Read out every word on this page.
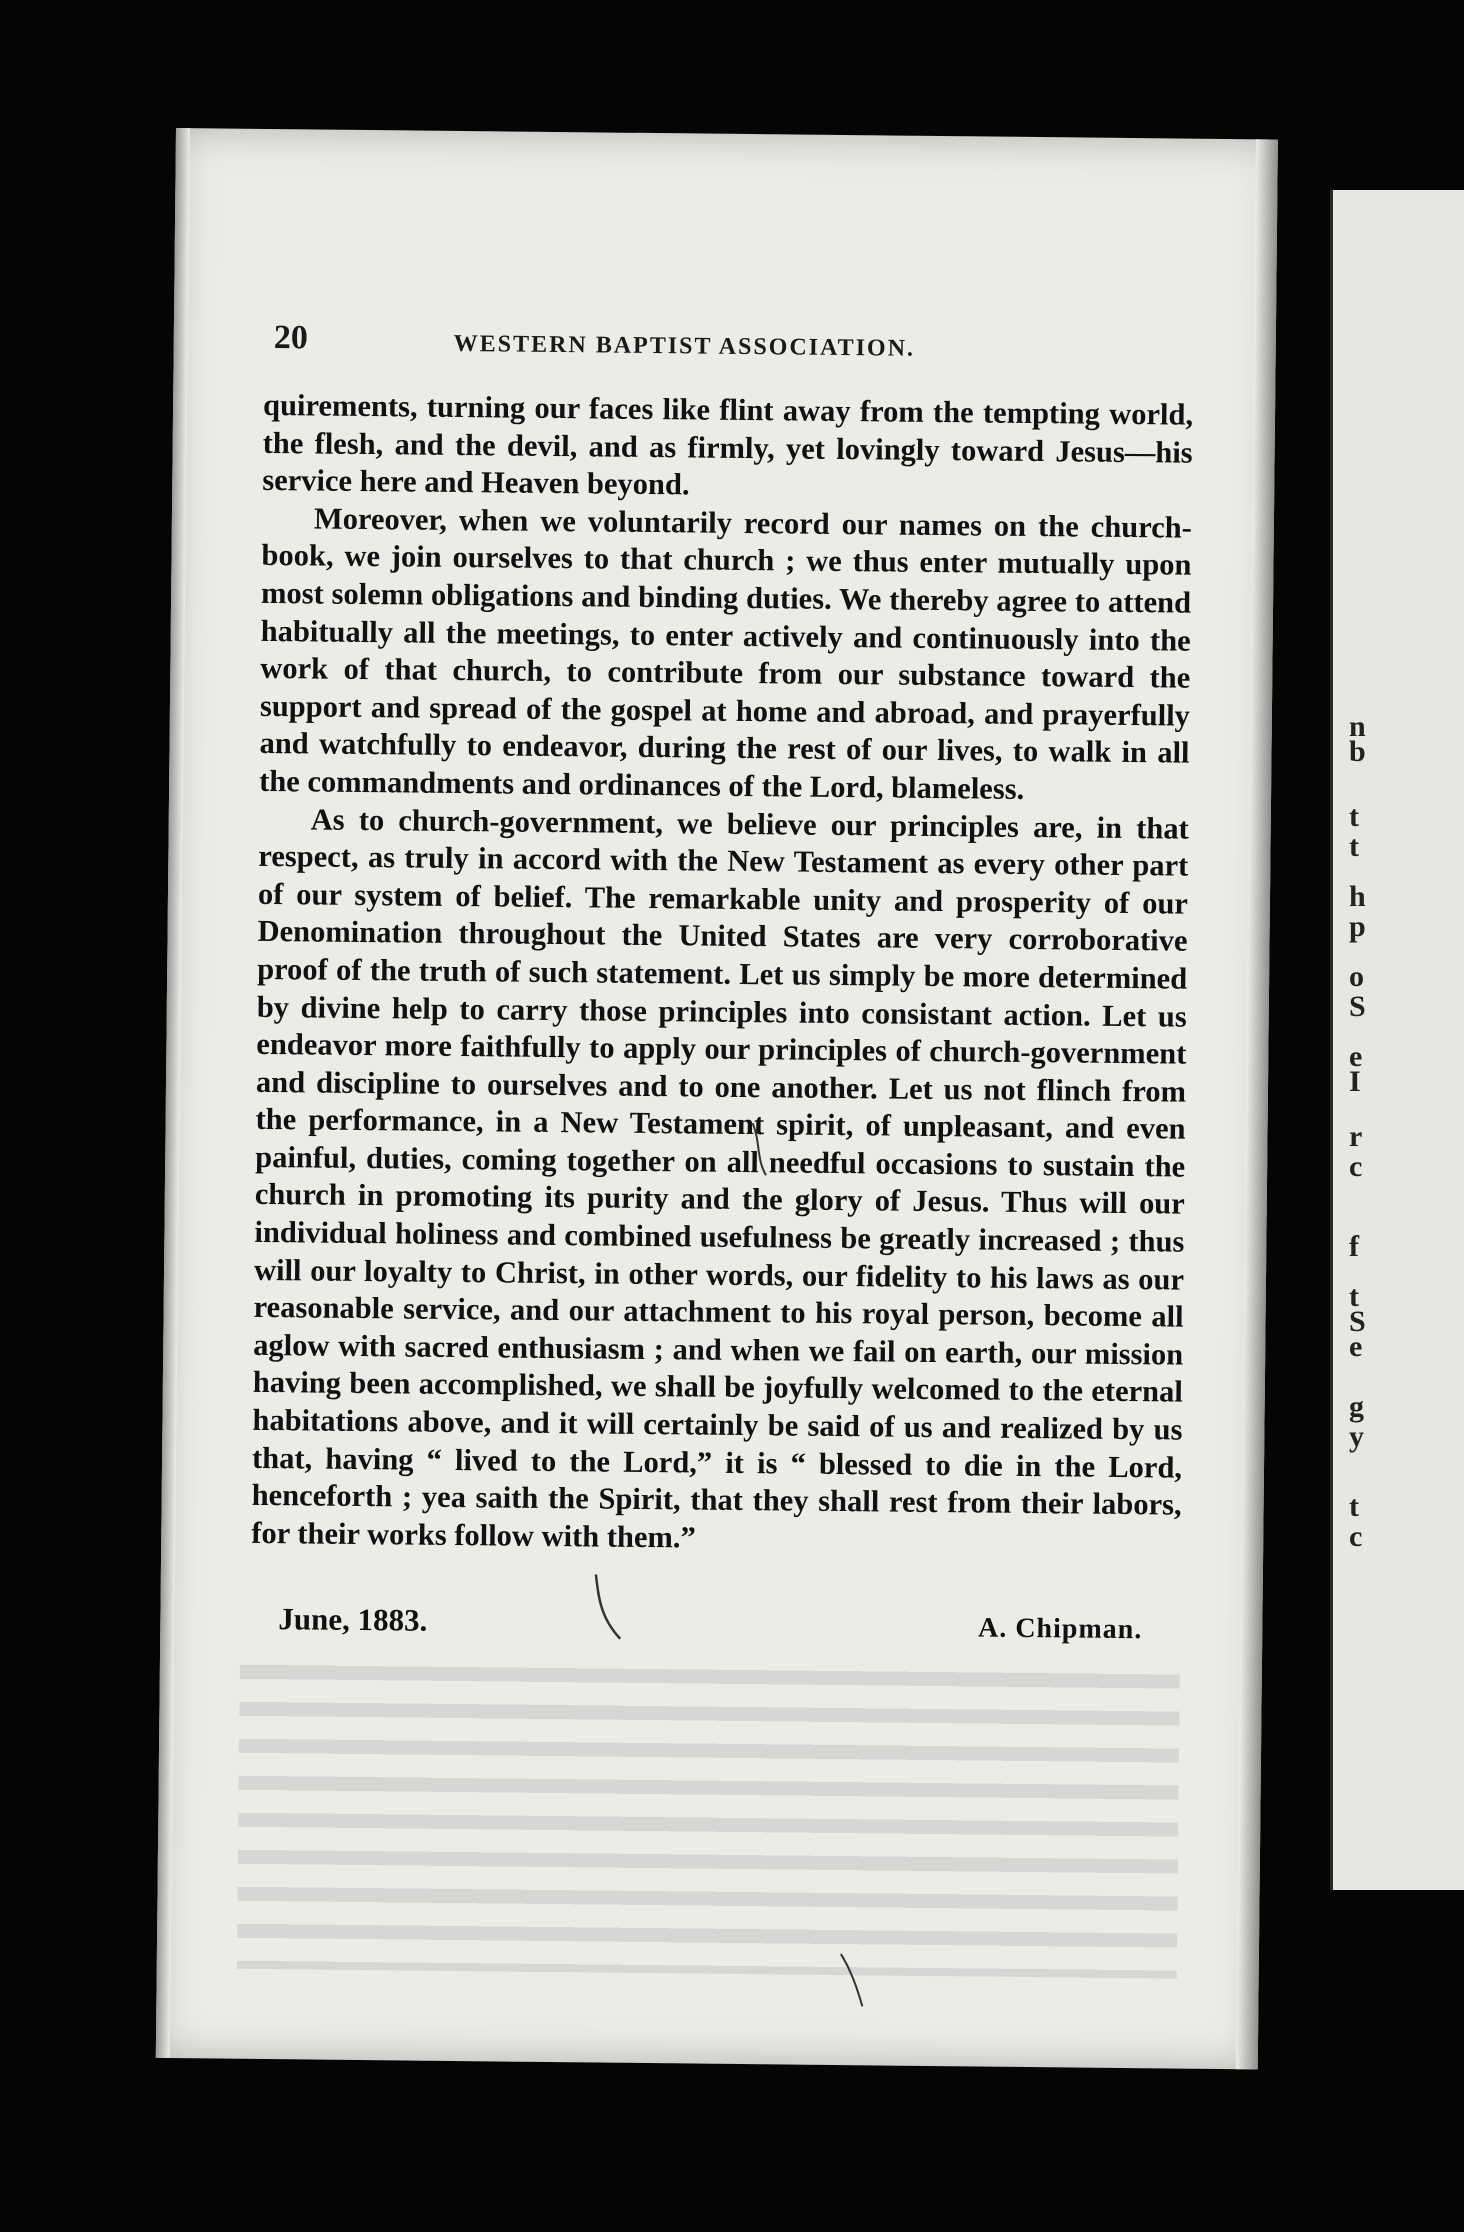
n
b
t
t
h
p
o
S
e
I
r
c
f
t
S
e
g
y
t
c
20	WESTERN BAPTIST ASSOCIATION.

quirements, turning our faces like flint away from the tempting world, the flesh, and the devil, and as firmly, yet lovingly toward Jesus—his service here and Heaven beyond.

Moreover, when we voluntarily record our names on the church-book, we join ourselves to that church ; we thus enter mutually upon most solemn obligations and binding duties. We thereby agree to attend habitually all the meetings, to enter actively and continuously into the work of that church, to contribute from our substance toward the support and spread of the gospel at home and abroad, and prayerfully and watchfully to endeavor, during the rest of our lives, to walk in all the commandments and ordinances of the Lord, blameless.

As to church-government, we believe our principles are, in that respect, as truly in accord with the New Testament as every other part of our system of belief. The remarkable unity and prosperity of our Denomination throughout the United States are very corroborative proof of the truth of such statement. Let us simply be more determined by divine help to carry those principles into consistant action. Let us endeavor more faithfully to apply our principles of church-government and discipline to ourselves and to one another. Let us not flinch from the performance, in a New Testament spirit, of unpleasant, and even painful, duties, coming together on all needful occasions to sustain the church in promoting its purity and the glory of Jesus. Thus will our individual holiness and combined usefulness be greatly increased ; thus will our loyalty to Christ, in other words, our fidelity to his laws as our reasonable service, and our attachment to his royal person, become all aglow with sacred enthusiasm ; and when we fail on earth, our mission having been accomplished, we shall be joyfully welcomed to the eternal habitations above, and it will certainly be said of us and realized by us that, having “ lived to the Lord,” it is “ blessed to die in the Lord, henceforth ; yea saith the Spirit, that they shall rest from their labors, for their works follow with them.”

June, 1883.	A. Chipman.
